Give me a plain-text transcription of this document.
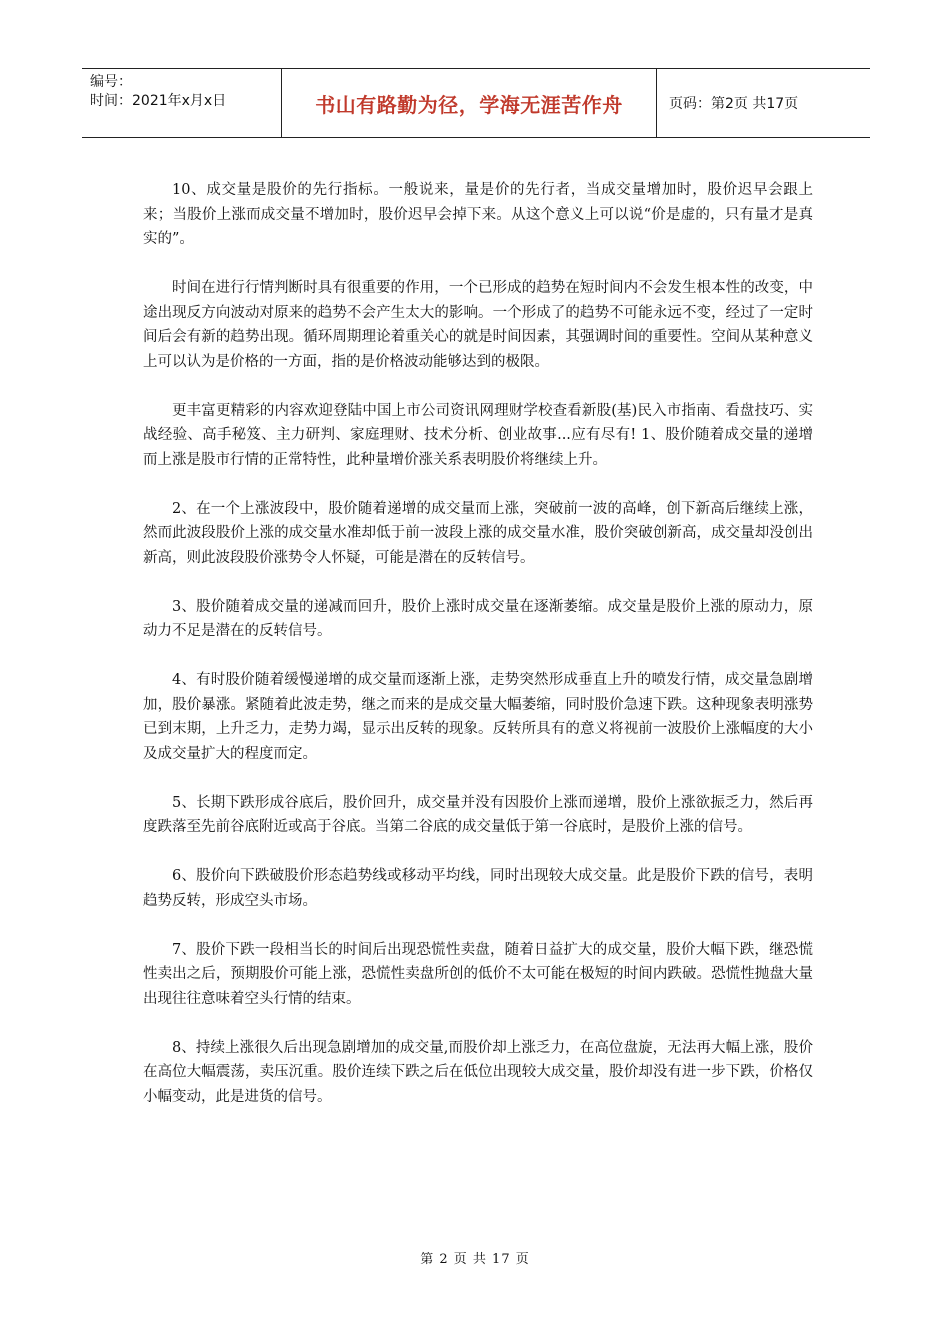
编号：
时间：2021年x月x日	书山有路勤为径，学海无涯苦作舟	页码：第2页 共17页

10、成交量是股价的先行指标。一般说来，量是价的先行者，当成交量增加时，股价迟早会跟上来；当股价上涨而成交量不增加时，股价迟早会掉下来。从这个意义上可以说“价是虚的，只有量才是真实的”。

时间在进行行情判断时具有很重要的作用，一个已形成的趋势在短时间内不会发生根本性的改变，中途出现反方向波动对原来的趋势不会产生太大的影响。一个形成了的趋势不可能永远不变，经过了一定时间后会有新的趋势出现。循环周期理论着重关心的就是时间因素，其强调时间的重要性。空间从某种意义上可以认为是价格的一方面，指的是价格波动能够达到的极限。

更丰富更精彩的内容欢迎登陆中国上市公司资讯网理财学校查看新股(基)民入市指南、看盘技巧、实战经验、高手秘笈、主力研判、家庭理财、技术分析、创业故事...应有尽有! 1、股价随着成交量的递增而上涨是股市行情的正常特性，此种量增价涨关系表明股价将继续上升。

2、在一个上涨波段中，股价随着递增的成交量而上涨，突破前一波的高峰，创下新高后继续上涨，然而此波段股价上涨的成交量水准却低于前一波段上涨的成交量水准，股价突破创新高，成交量却没创出新高，则此波段股价涨势令人怀疑，可能是潜在的反转信号。

3、股价随着成交量的递减而回升，股价上涨时成交量在逐渐萎缩。成交量是股价上涨的原动力，原动力不足是潜在的反转信号。

4、有时股价随着缓慢递增的成交量而逐渐上涨，走势突然形成垂直上升的喷发行情，成交量急剧增加，股价暴涨。紧随着此波走势，继之而来的是成交量大幅萎缩，同时股价急速下跌。这种现象表明涨势已到末期，上升乏力，走势力竭，显示出反转的现象。反转所具有的意义将视前一波股价上涨幅度的大小及成交量扩大的程度而定。

5、长期下跌形成谷底后，股价回升，成交量并没有因股价上涨而递增，股价上涨欲振乏力，然后再度跌落至先前谷底附近或高于谷底。当第二谷底的成交量低于第一谷底时，是股价上涨的信号。

6、股价向下跌破股价形态趋势线或移动平均线，同时出现较大成交量。此是股价下跌的信号，表明趋势反转，形成空头市场。

7、股价下跌一段相当长的时间后出现恐慌性卖盘，随着日益扩大的成交量，股价大幅下跌，继恐慌性卖出之后，预期股价可能上涨，恐慌性卖盘所创的低价不太可能在极短的时间内跌破。恐慌性抛盘大量出现往往意味着空头行情的结束。

8、持续上涨很久后出现急剧增加的成交量,而股价却上涨乏力，在高位盘旋，无法再大幅上涨，股价在高位大幅震荡，卖压沉重。股价连续下跌之后在低位出现较大成交量，股价却没有进一步下跌，价格仅小幅变动，此是进货的信号。

第 2 页 共 17 页
